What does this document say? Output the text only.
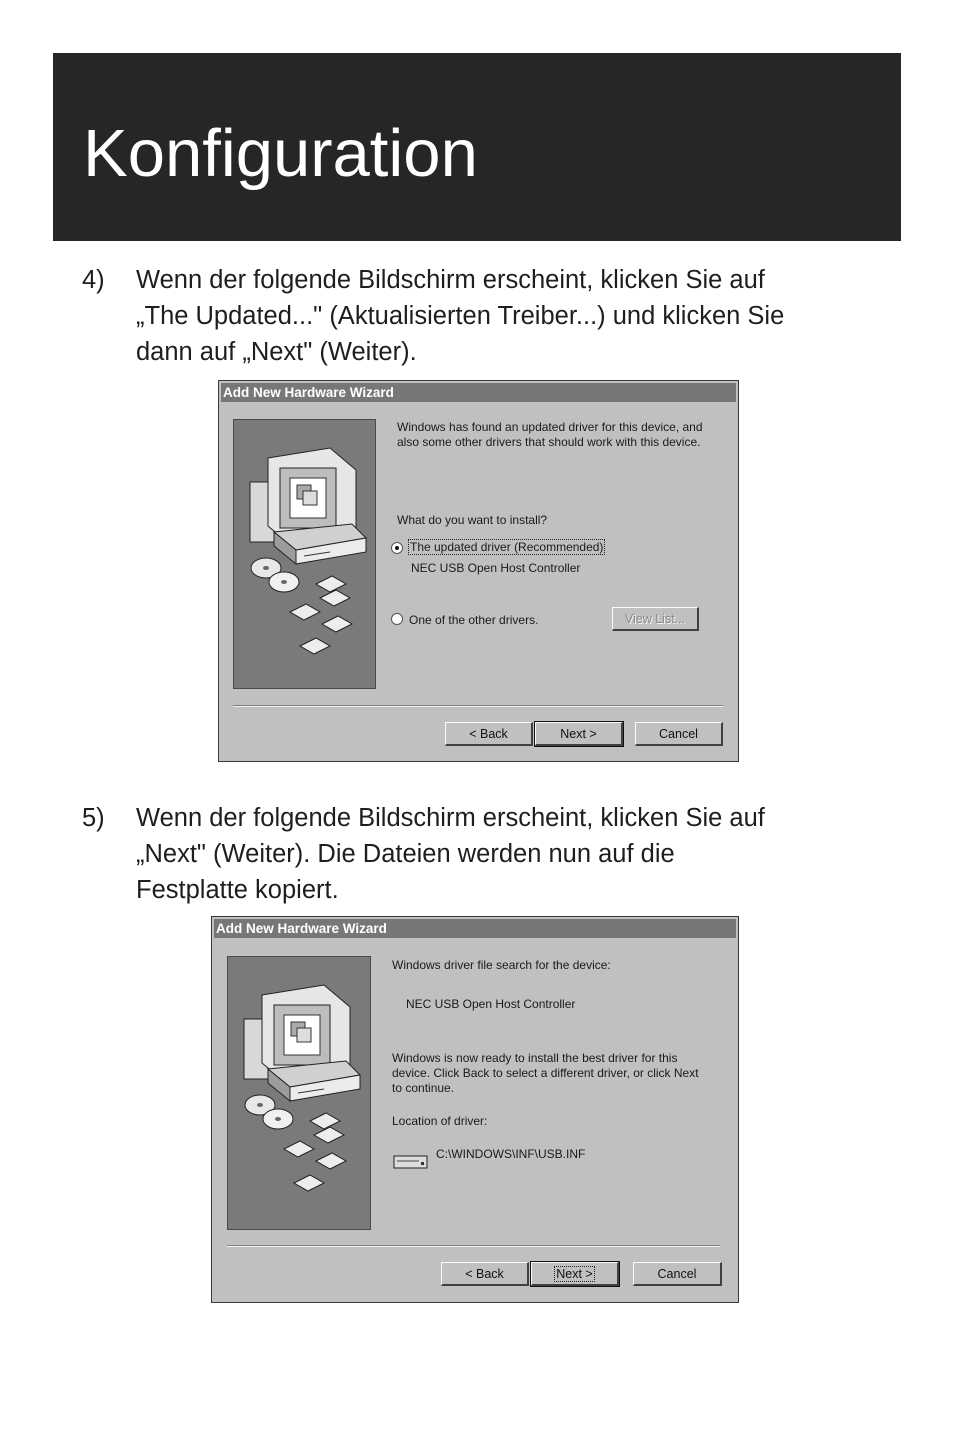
Konfiguration
4) Wenn der folgende Bildschirm erscheint, klicken Sie auf
„The Updated..." (Aktualisierten Treiber...) und klicken Sie
dann auf „Next" (Weiter).
Add New Hardware Wizard
Windows has found an updated driver for this device, and
also some other drivers that should work with this device.
What do you want to install?
The updated driver (Recommended)
NEC USB Open Host Controller
One of the other drivers.	View List...
< Back	Next >	Cancel
5) Wenn der folgende Bildschirm erscheint, klicken Sie auf
„Next" (Weiter). Die Dateien werden nun auf die
Festplatte kopiert.
Add New Hardware Wizard
Windows driver file search for the device:
NEC USB Open Host Controller
Windows is now ready to install the best driver for this
device. Click Back to select a different driver, or click Next
to continue.
Location of driver:
C:\WINDOWS\INF\USB.INF
< Back	Next >	Cancel
